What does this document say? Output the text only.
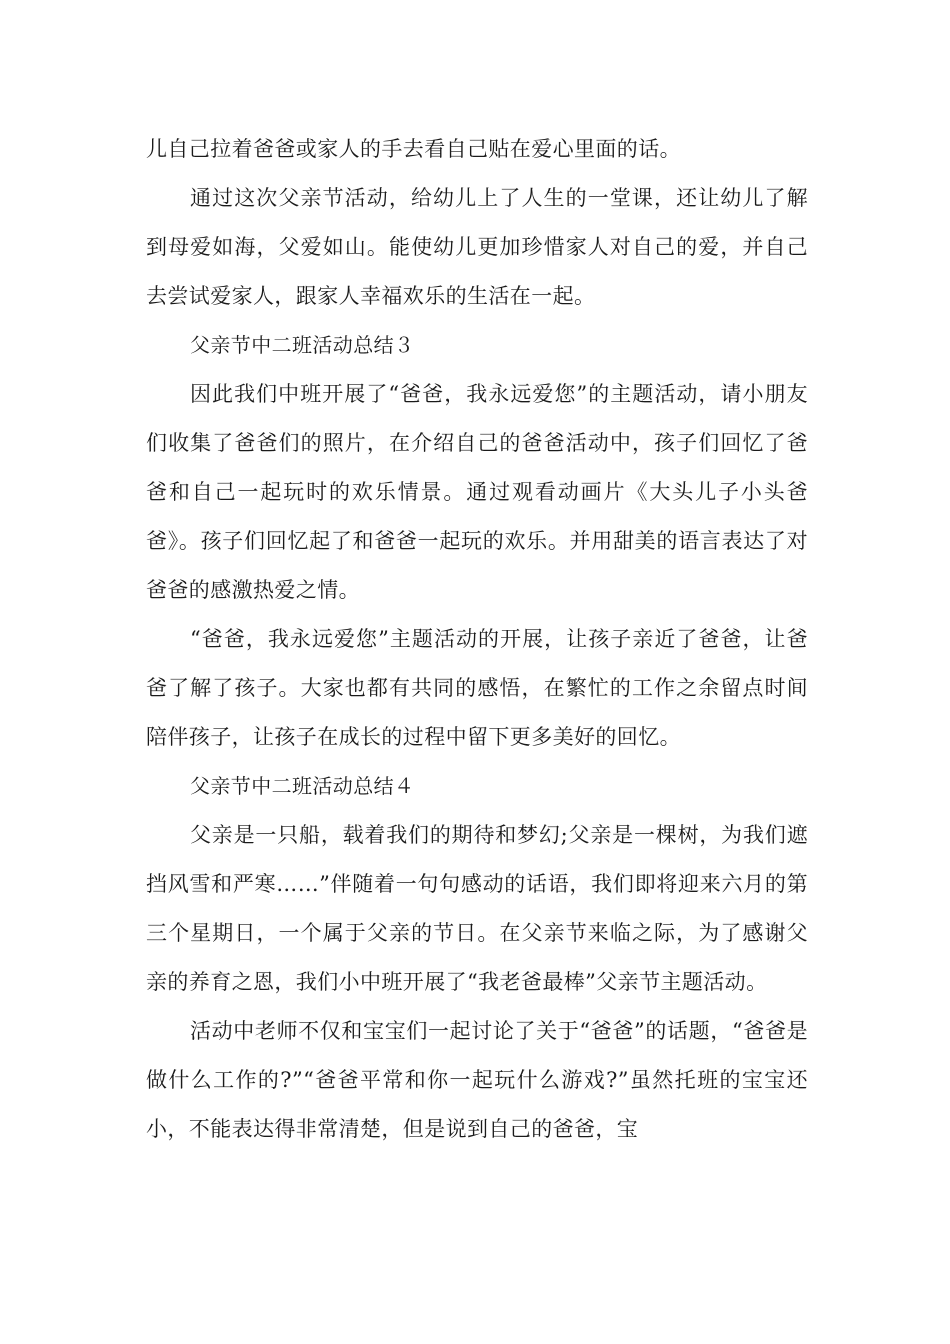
儿自己拉着爸爸或家人的手去看自己贴在爱心里面的话。

通过这次父亲节活动，给幼儿上了人生的一堂课，还让幼儿了解到母爱如海，父爱如山。能使幼儿更加珍惜家人对自己的爱，并自己去尝试爱家人，跟家人幸福欢乐的生活在一起。

父亲节中二班活动总结３

因此我们中班开展了“爸爸，我永远爱您”的主题活动，请小朋友们收集了爸爸们的照片，在介绍自己的爸爸活动中，孩子们回忆了爸爸和自己一起玩时的欢乐情景。通过观看动画片《大头儿子小头爸爸》。孩子们回忆起了和爸爸一起玩的欢乐。并用甜美的语言表达了对爸爸的感激热爱之情。

“爸爸，我永远爱您”主题活动的开展，让孩子亲近了爸爸，让爸爸了解了孩子。大家也都有共同的感悟，在繁忙的工作之余留点时间陪伴孩子，让孩子在成长的过程中留下更多美好的回忆。

父亲节中二班活动总结４

父亲是一只船，载着我们的期待和梦幻;父亲是一棵树，为我们遮挡风雪和严寒……”伴随着一句句感动的话语，我们即将迎来六月的第三个星期日，一个属于父亲的节日。在父亲节来临之际，为了感谢父亲的养育之恩，我们小中班开展了“我老爸最棒”父亲节主题活动。

活动中老师不仅和宝宝们一起讨论了关于“爸爸”的话题，“爸爸是做什么工作的?”“爸爸平常和你一起玩什么游戏?”虽然托班的宝宝还小，不能表达得非常清楚，但是说到自己的爸爸，宝
